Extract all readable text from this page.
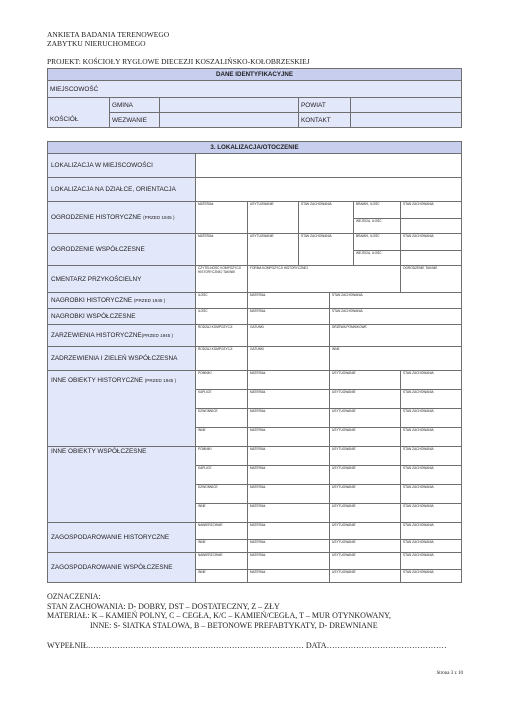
ANKIETA BADANIA TERENOWEGO
ZABYTKU NIERUCHOMEGO
PROJEKT: KOŚCIOŁY RYGLOWE DIECEZJI KOSZALIŃSKO-KOŁOBRZESKIEJ
DANE IDENTYFIKACYJNE				
MIEJSCOWOŚĆ				
	GMINA		POWIAT	
KOŚCIÓŁ	WEZWANIE		KONTAKT	
3. LOKALIZACJA/OTOCZENIE						
LOKALIZACJA W MIEJSCOWOŚCI						
LOKALIZACJA NA DZIAŁCE, ORIENTACJA						
OGRODZENIE HISTORYCZNE (PRZED 1945 )	MATERIAŁ	USYTUOWANIE	STAN ZACHOWANIA		BRAMKI, ILOŚĆ	STAN ZACHOWANIA
					WEJŚCIA, ILOŚĆ	
OGRODZENIE WSPÓŁCZESNE	MATERIAŁ	USYTUOWANIE	STAN ZACHOWANIA		BRAMKI, ILOŚĆ	STAN ZACHOWANIA
					WEJŚCIA, ILOŚĆ	
CMENTARZ PRZYKOŚCIELNY	CZYTELNOŚĆ KOMPOZYCJI HISTORYCZNEJ TAK/NIE	FORMA KOMPOZYCJI HISTORYCZNEJ				OGRODZENIE TAK/NIE
NAGROBKI HISTORYCZNE (PRZED 1945 )	ILOŚĆ	MATERIAŁ		STAN ZACHOWANIA		
NAGROBKI WSPÓŁCZESNE	ILOŚĆ	MATERIAŁ		STAN ZACHOWANIA		
ZARZEWIENIA HISTORYCZNE(PRZED 1945 )	RODZAJ KOMPOZYCJI	GATUNKI		DRZEWA POMNIKOWE		
ZADRZEWIENIA I ZIELEŃ WSPÓŁCZESNA	RODZAJ KOMPOZYCJI	GATUNKI		INNE		
INNE OBIEKTY HISTORYCZNE (PRZED 1945 )	POMNIKI	MATERIAŁ		USYTUOWANIE		STAN ZACHOWANIA
	KAPLICE	MATERIAŁ		USYTUOWANIE		STAN ZACHOWANIA
	DZWONNICE	MATERIAŁ		USYTUOWANIE		STAN ZACHOWANIA
	INNE	MATERIAŁ		USYTUOWANIE		STAN ZACHOWANIA
INNE OBIEKTY WSPÓŁCZESNE	POMNIKI	MATERIAŁ		USYTUOWANIE		STAN ZACHOWANIA
	KAPLICE	MATERIAŁ		USYTUOWANIE		STAN ZACHOWANIA
	DZWONNICE	MATERIAŁ		USYTUOWANIE		STAN ZACHOWANIA
	INNE	MATERIAŁ		USYTUOWANIE		STAN ZACHOWANIA
ZAGOSPODAROWANIE HISTORYCZNE	NAWIERZCHNIE	MATERIAŁ		USYTUOWANIE		STAN ZACHOWANIA
	INNE	MATERIAŁ		USYTUOWANIE		STAN ZACHOWANIA
ZAGOSPODAROWANIE WSPÓŁCZESNE	NAWIERZCHNIE	MATERIAŁ		USYTUOWANIE		STAN ZACHOWANIA
	INNE	MATERIAŁ		USYTUOWANIE		STAN ZACHOWANIA
OZNACZENIA:
STAN ZACHOWANIA: D- DOBRY, DST – DOSTATECZNY, Z – ZŁY
MATERIAŁ: K – KAMIEŃ POLNY, C – CEGŁA, K/C – KAMIEŃ/CEGŁA, T – MUR OTYNKOWANY,
INNE: S- SIATKA STALOWA, B – BETONOWE PREFABTYKATY, D- DREWNIANE
WYPEŁNIŁ……………………………………………………………………… DATA………………………………………
Strona 3 z 10
